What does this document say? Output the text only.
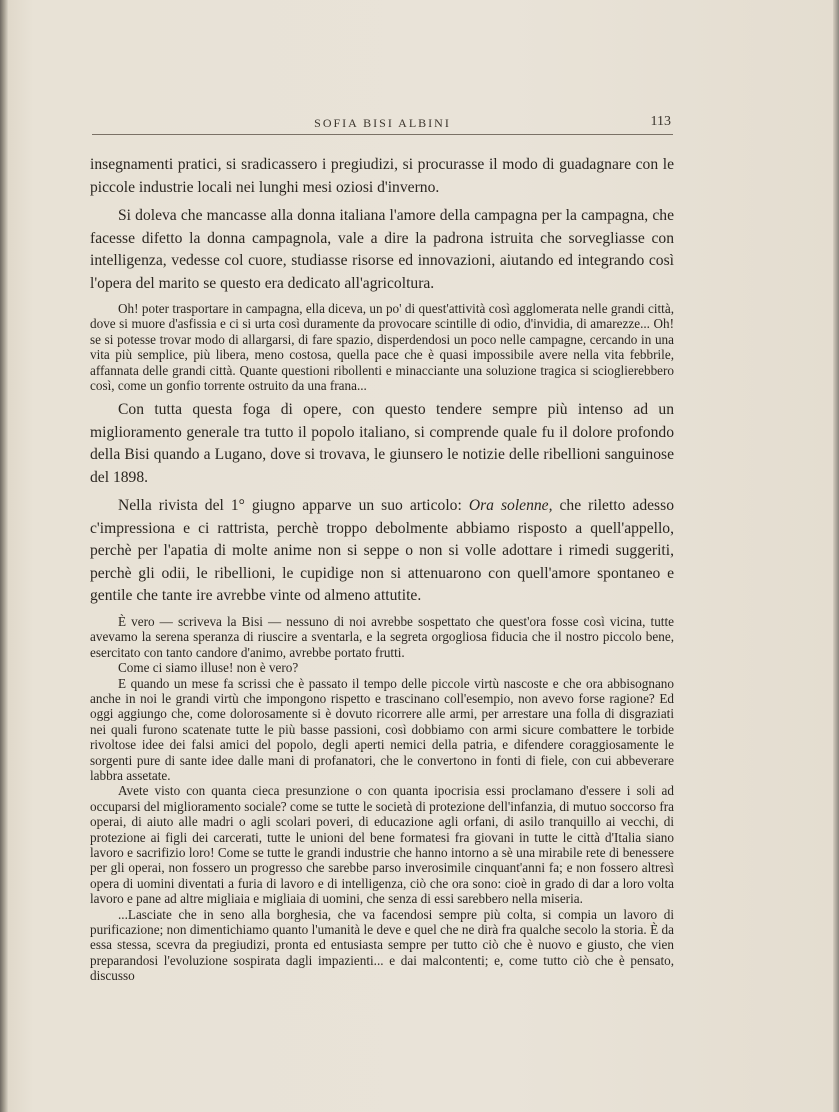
SOFIA BISI ALBINI	113

insegnamenti pratici, si sradicassero i pregiudizi, si procurasse il modo di guadagnare con le piccole industrie locali nei lunghi mesi oziosi d'inverno.

Si doleva che mancasse alla donna italiana l'amore della campagna per la campagna, che facesse difetto la donna campagnola, vale a dire la padrona istruita che sorvegliasse con intelligenza, vedesse col cuore, studiasse risorse ed innovazioni, aiutando ed integrando così l'opera del marito se questo era dedicato all'agricoltura.

Oh! poter trasportare in campagna, ella diceva, un po' di quest'attività così agglomerata nelle grandi città, dove si muore d'asfissia e ci si urta così duramente da provocare scintille di odio, d'invidia, di amarezze... Oh! se si potesse trovar modo di allargarsi, di fare spazio, disperdendosi un poco nelle campagne, cercando in una vita più semplice, più libera, meno costosa, quella pace che è quasi impossibile avere nella vita febbrile, affannata delle grandi città. Quante questioni ribollenti e minacciante una soluzione tragica si scioglierebbero così, come un gonfio torrente ostruito da una frana...

Con tutta questa foga di opere, con questo tendere sempre più intenso ad un miglioramento generale tra tutto il popolo italiano, si comprende quale fu il dolore profondo della Bisi quando a Lugano, dove si trovava, le giunsero le notizie delle ribellioni sanguinose del 1898.

Nella rivista del 1° giugno apparve un suo articolo: Ora solenne, che riletto adesso c'impressiona e ci rattrista, perchè troppo debolmente abbiamo risposto a quell'appello, perchè per l'apatia di molte anime non si seppe o non si volle adottare i rimedi suggeriti, perchè gli odii, le ribellioni, le cupidige non si attenuarono con quell'amore spontaneo e gentile che tante ire avrebbe vinte od almeno attutite.

È vero — scriveva la Bisi — nessuno di noi avrebbe sospettato che quest'ora fosse così vicina, tutte avevamo la serena speranza di riuscire a sventarla, e la segreta orgogliosa fiducia che il nostro piccolo bene, esercitato con tanto candore d'animo, avrebbe portato frutti.

Come ci siamo illuse! non è vero?

E quando un mese fa scrissi che è passato il tempo delle piccole virtù nascoste e che ora abbisognano anche in noi le grandi virtù che impongono rispetto e trascinano coll'esempio, non avevo forse ragione? Ed oggi aggiungo che, come dolorosamente si è dovuto ricorrere alle armi, per arrestare una folla di disgraziati nei quali furono scatenate tutte le più basse passioni, così dobbiamo con armi sicure combattere le torbide rivoltose idee dei falsi amici del popolo, degli aperti nemici della patria, e difendere coraggiosamente le sorgenti pure di sante idee dalle mani di profanatori, che le convertono in fonti di fiele, con cui abbeverare labbra assetate.

Avete visto con quanta cieca presunzione o con quanta ipocrisia essi proclamano d'essere i soli ad occuparsi del miglioramento sociale? come se tutte le società di protezione dell'infanzia, di mutuo soccorso fra operai, di aiuto alle madri o agli scolari poveri, di educazione agli orfani, di asilo tranquillo ai vecchi, di protezione ai figli dei carcerati, tutte le unioni del bene formatesi fra giovani in tutte le città d'Italia siano lavoro e sacrifizio loro! Come se tutte le grandi industrie che hanno intorno a sè una mirabile rete di benessere per gli operai, non fossero un progresso che sarebbe parso inverosimile cinquant'anni fa; e non fossero altresì opera di uomini diventati a furia di lavoro e di intelligenza, ciò che ora sono: cioè in grado di dar a loro volta lavoro e pane ad altre migliaia e migliaia di uomini, che senza di essi sarebbero nella miseria.

...Lasciate che in seno alla borghesia, che va facendosi sempre più colta, si compia un lavoro di purificazione; non dimentichiamo quanto l'umanità le deve e quel che ne dirà fra qualche secolo la storia. È da essa stessa, scevra da pregiudizi, pronta ed entusiasta sempre per tutto ciò che è nuovo e giusto, che vien preparandosi l'evoluzione sospirata dagli impazienti... e dai malcontenti; e, come tutto ciò che è pensato, discusso
